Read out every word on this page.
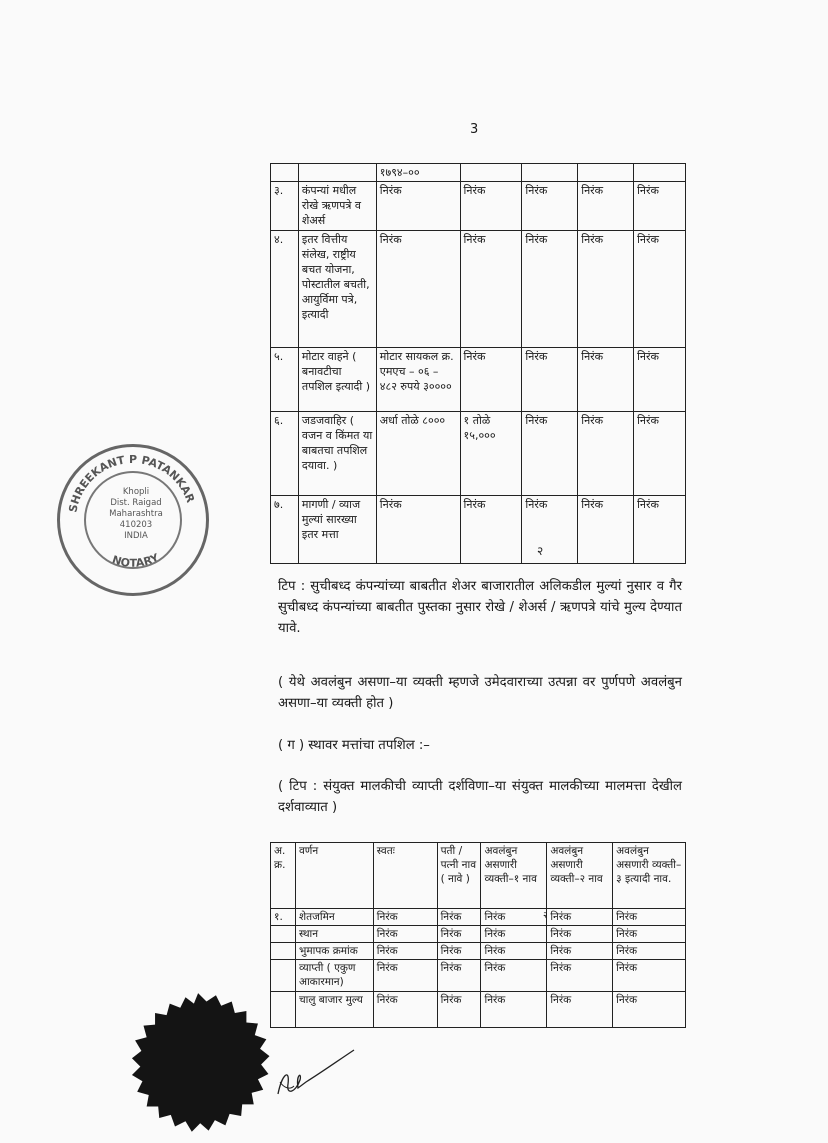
3
		१७९४–००				
३.	कंपन्यां मधील रोखे ऋणपत्रे व शेअर्स	निरंक	निरंक	निरंक	निरंक	निरंक
४.	इतर वित्तीय संलेख, राष्ट्रीय बचत योजना, पोस्टातील बचती, आयुर्विमा पत्रे, इत्यादी	निरंक	निरंक	निरंक	निरंक	निरंक
५.	मोटार वाहने ( बनावटीचा तपशिल इत्यादी )	मोटार सायकल क्र. एमएच – ०६ – ४८२ रुपये ३००००	निरंक	निरंक	निरंक	निरंक
६.	जडजवाहिर ( वजन व किंमत या बाबतचा तपशिल दयावा. )	अर्धा तोळे ८०००	१ तोळे १५,०००	निरंक	निरंक	निरंक
७.	मागणी / व्याज मुल्यां सारख्या इतर मत्ता	निरंक	निरंक	निरंक	निरंक	निरंक
२
टिप : सुचीबध्द कंपन्यांच्या बाबतीत शेअर बाजारातील अलिकडील मुल्यां नुसार व गैर सुचीबध्द कंपन्यांच्या बाबतीत पुस्तका नुसार रोखे / शेअर्स / ऋणपत्रे यांचे मुल्य देण्यात यावे.
( येथे अवलंबुन असणा–या व्यक्ती म्हणजे उमेदवाराच्या उत्पन्ना वर पुर्णपणे अवलंबुन असणा–या व्यक्ती होत )
( ग ) स्थावर मत्तांचा तपशिल :–
( टिप : संयुक्त मालकीची व्याप्ती दर्शविणा–या संयुक्त मालकीच्या मालमत्ता देखील दर्शवाव्यात )
अ. क्र.	वर्णन	स्वतः	पती / पत्नी नाव ( नावे )	अवलंबुन असणारी व्यक्ती–१ नाव	अवलंबुन असणारी व्यक्ती–२ नाव	अवलंबुन असणारी व्यक्ती–३ इत्यादी नाव.
१.	शेतजमिन	निरंक	निरंक	निरंक	निरंक	निरंक
	स्थान	निरंक	निरंक	निरंक	निरंक	निरंक
	भुमापक क्रमांक	निरंक	निरंक	निरंक	निरंक	निरंक
	व्याप्ती ( एकुण आकारमान)	निरंक	निरंक	निरंक	निरंक	निरंक
	चालु बाजार मुल्य	निरंक	निरंक	निरंक	निरंक	निरंक
२
SHREEKANT P PATANKAR
NOTARY
Khopli
Dist. Raigad
Maharashtra
410203
INDIA
